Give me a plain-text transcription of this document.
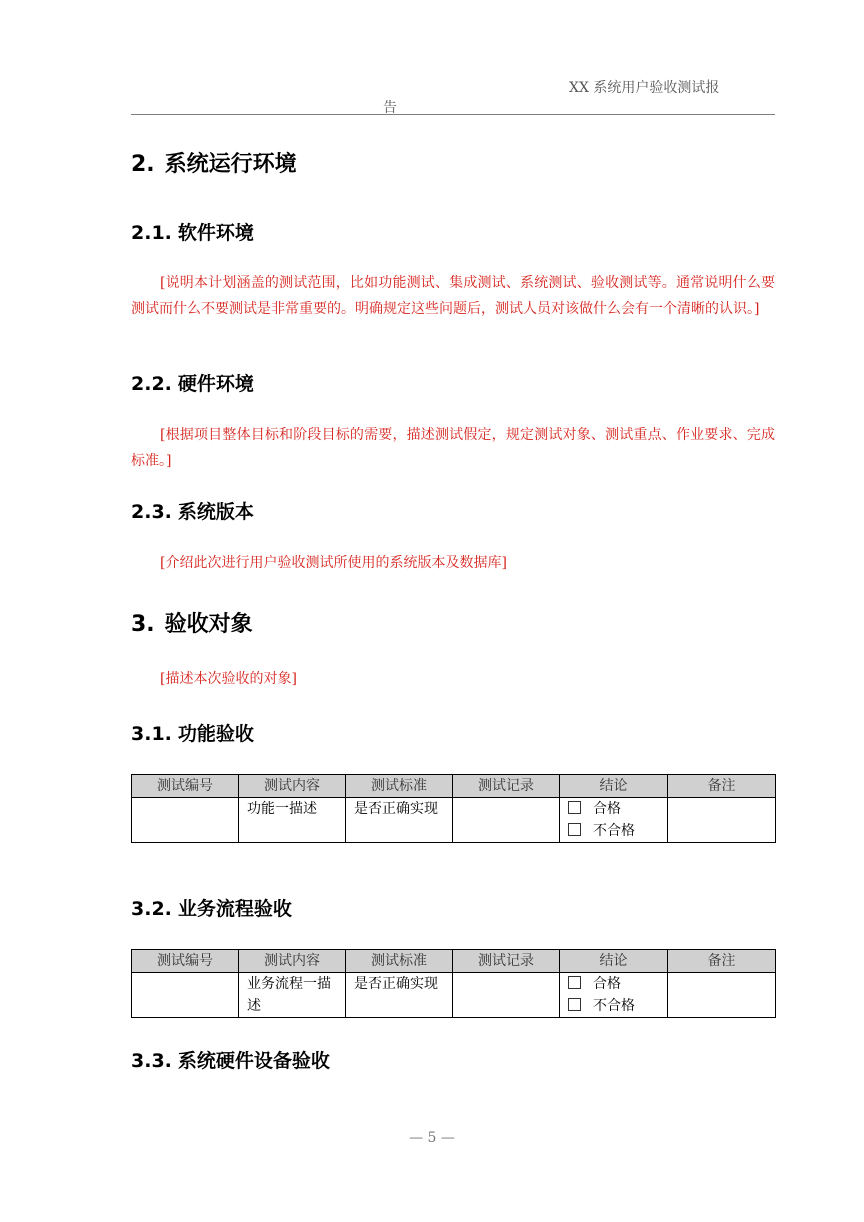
XX 系统用户验收测试报
告
2. 系统运行环境
2.1. 软件环境

[说明本计划涵盖的测试范围，比如功能测试、集成测试、系统测试、验收测试等。通常说明什么要测试而什么不要测试是非常重要的。明确规定这些问题后，测试人员对该做什么会有一个清晰的认识。]

2.2. 硬件环境

[根据项目整体目标和阶段目标的需要，描述测试假定，规定测试对象、测试重点、作业要求、完成标准。]

2.3. 系统版本

[介绍此次进行用户验收测试所使用的系统版本及数据库]

3. 验收对象

[描述本次验收的对象]

3.1. 功能验收
测试编号	测试内容	测试标准	测试记录	结论	备注
	功能一描述	是否正确实现		合格
不合格	

3.2. 业务流程验收
测试编号	测试内容	测试标准	测试记录	结论	备注
	业务流程一描述	是否正确实现		合格
不合格	

3.3. 系统硬件设备验收
— 5 —
